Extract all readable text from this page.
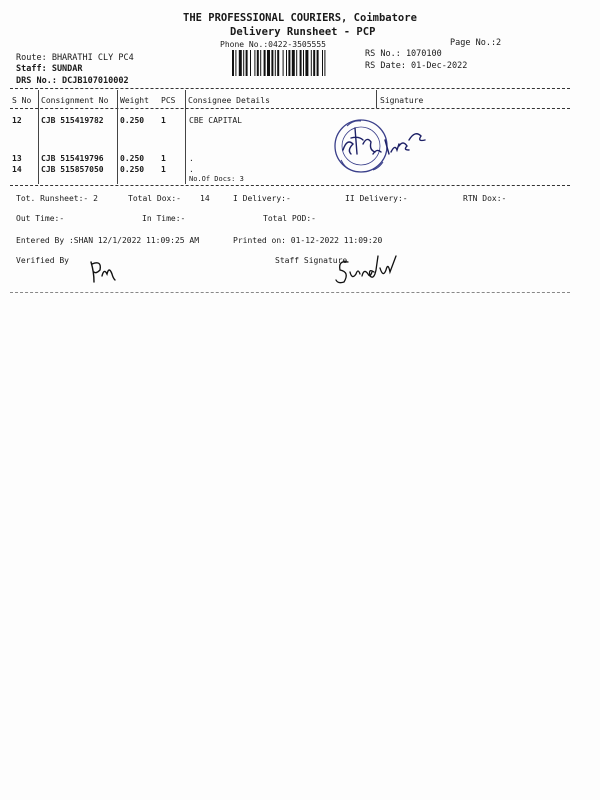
THE PROFESSIONAL COURIERS, Coimbatore
Delivery Runsheet - PCP
Phone No.:0422-3505555	Page No.:2
Route: BHARATHI CLY PC4
Staff: SUNDAR
DRS No.: DCJB107010002
RS No.: 1070100
RS Date: 01-Dec-2022
S No Consignment No Weight PCS Consignee Details	Signature
12 CJB 515419782 0.250 1	CBE CAPITAL
13 CJB 515419796 0.250 1	.
14 CJB 515857050 0.250 1	.
No.Of Docs: 3
Tot. Runsheet:- 2	Total Dox:- 14	I Delivery:-	II Delivery:-	RTN Dox:-
Out Time:-	In Time:-	Total POD:-
Entered By :SHAN 12/1/2022 11:09:25 AM	Printed on: 01-12-2022 11:09:20
Verified By	Staff Signature
